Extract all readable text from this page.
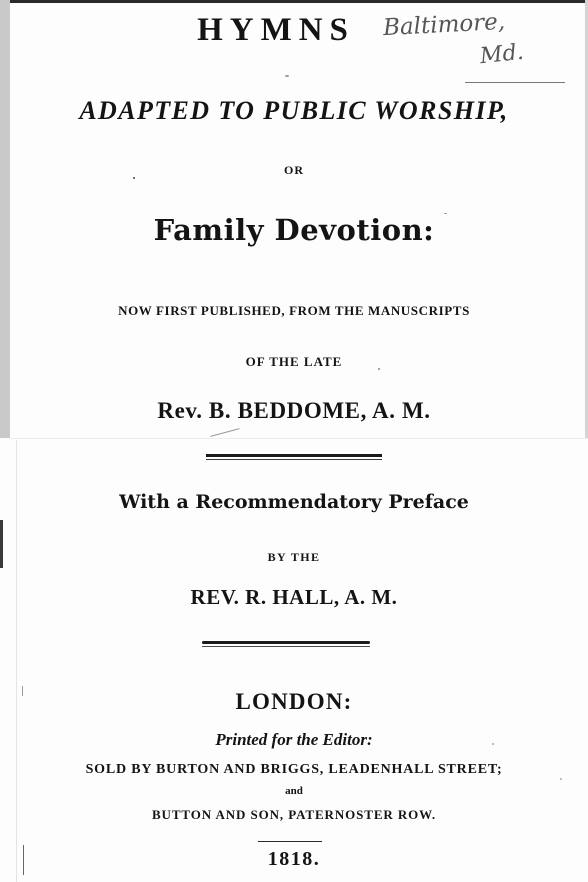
HYMNS	Baltimore,
Md.
ADAPTED TO PUBLIC WORSHIP,
OR
Family Devotion:
NOW FIRST PUBLISHED, FROM THE MANUSCRIPTS
OF THE LATE
Rev. B. BEDDOME, A. M.
With a Recommendatory Preface
BY THE
REV. R. HALL, A. M.
LONDON:
Printed for the Editor:
SOLD BY BURTON AND BRIGGS, LEADENHALL STREET;
and
BUTTON AND SON, PATERNOSTER ROW.
1818.
